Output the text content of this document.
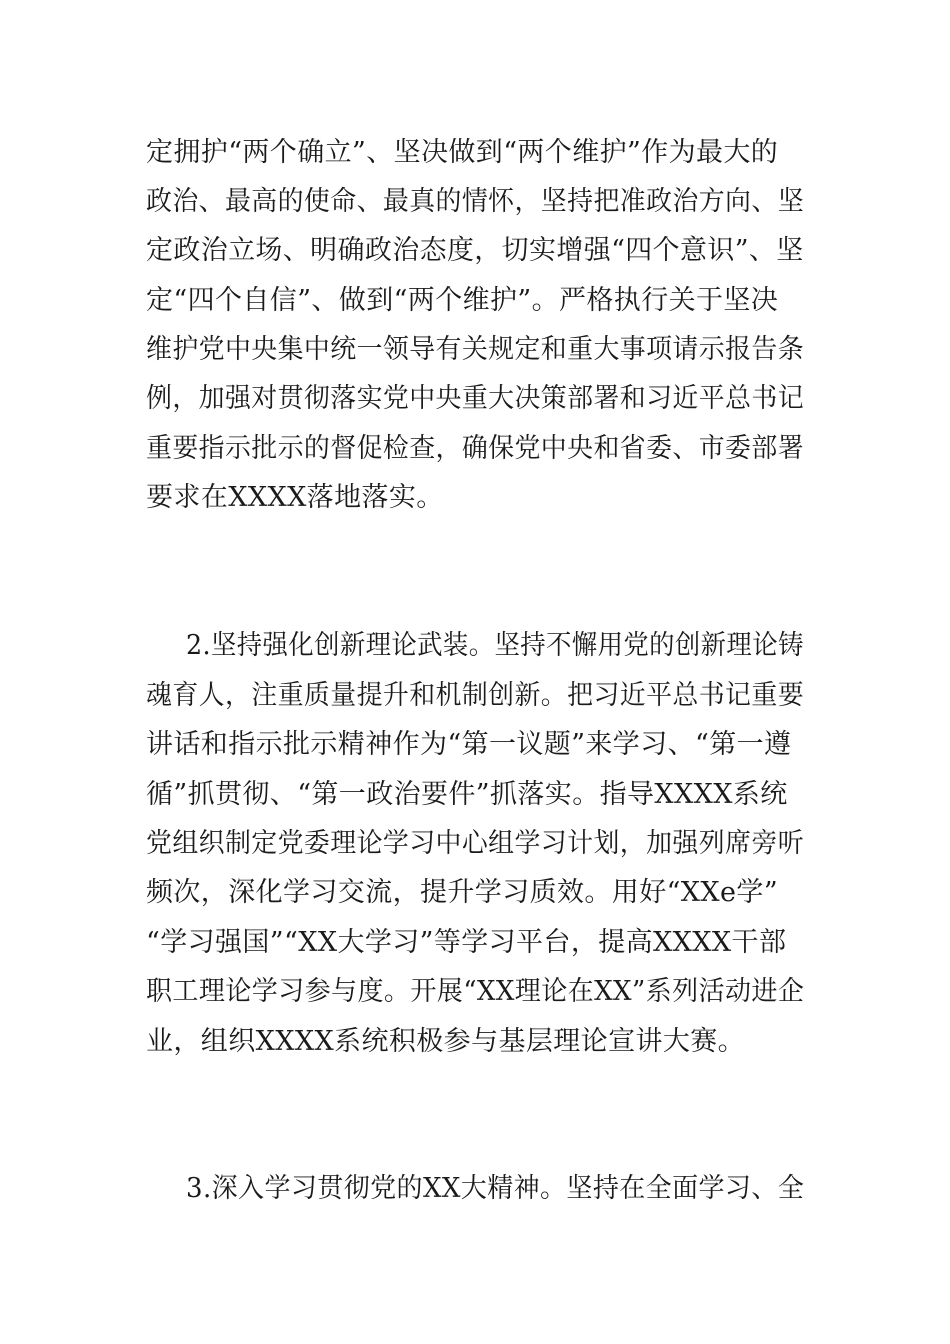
定拥护“两个确立”、坚决做到“两个维护”作为最大的

政治、最高的使命、最真的情怀，坚持把准政治方向、坚

定政治立场、明确政治态度，切实增强“四个意识”、坚

定“四个自信”、做到“两个维护”。严格执行关于坚决

维护党中央集中统一领导有关规定和重大事项请示报告条

例，加强对贯彻落实党中央重大决策部署和习近平总书记

重要指示批示的督促检查，确保党中央和省委、市委部署

要求在XXXX落地落实。

2.坚持强化创新理论武装。坚持不懈用党的创新理论铸

魂育人，注重质量提升和机制创新。把习近平总书记重要

讲话和指示批示精神作为“第一议题”来学习、“第一遵

循”抓贯彻、“第一政治要件”抓落实。指导XXXX系统

党组织制定党委理论学习中心组学习计划，加强列席旁听

频次，深化学习交流，提升学习质效。用好“XXe学”

“学习强国”“XX大学习”等学习平台，提高XXXX干部

职工理论学习参与度。开展“XX理论在XX”系列活动进企

业，组织XXXX系统积极参与基层理论宣讲大赛。

3.深入学习贯彻党的XX大精神。坚持在全面学习、全
